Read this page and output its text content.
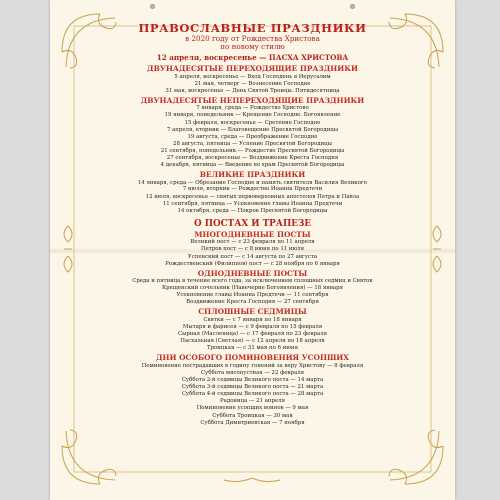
ПРАВОСЛАВНЫЕ ПРАЗДНИКИ
в 2020 году от Рождества Христова
по новому стилю
12 апреля, воскресенье — ПАСХА ХРИСТОВА
ДВУНАДЕСЯТЫЕ ПЕРЕХОДЯЩИЕ ПРАЗДНИКИ
5 апреля, воскресенье — Вход Господень в Иерусалим
21 мая, четверг — Вознесение Господне
31 мая, воскресенье — День Святой Троицы. Пятидесятница
ДВУНАДЕСЯТЫЕ НЕПЕРЕХОДЯЩИЕ ПРАЗДНИКИ
7 января, среда — Рождество Христово
19 января, понедельник — Крещение Господне. Богоявление
15 февраля, воскресенье — Сретение Господне
7 апреля, вторник — Благовещение Пресвятой Богородицы
19 августа, среда — Преображение Господне
28 августа, пятница — Успение Пресвятой Богородицы
21 сентября, понедельник — Рождество Пресвятой Богородицы
27 сентября, воскресенье — Воздвижение Креста Господня
4 декабря, пятница — Введение во храм Пресвятой Богородицы
ВЕЛИКИЕ ПРАЗДНИКИ
14 января, среда — Обрезание Господне и память святителя Василия Великого
7 июля, вторник — Рождество Иоанна Предтечи
12 июля, воскресенье — святых первоверховных апостолов Петра и Павла
11 сентября, пятница — Усекновение главы Иоанна Предтечи
14 октября, среда — Покров Пресвятой Богородицы
О ПОСТАХ И ТРАПЕЗЕ
МНОГОДНЕВНЫЕ ПОСТЫ
Великий пост — с 23 февраля по 11 апреля
Петров пост — с 8 июня по 11 июля
Успенский пост — с 14 августа по 27 августа
Рождественский (Филиппов) пост — с 28 ноября по 6 января
ОДНОДНЕВНЫЕ ПОСТЫ
Среда и пятница в течение всего года, за исключением сплошных седмиц и Святок
Крещенский сочельник (Навечерие Богоявления) — 18 января
Усекновение главы Иоанна Предтечи — 11 сентября
Воздвижение Креста Господня — 27 сентября
СПЛОШНЫЕ СЕДМИЦЫ
Святки — с 7 января по 18 января
Мытаря и фарисея — с 9 февраля по 15 февраля
Сырная (Масленица) — с 17 февраля по 23 февраля
Пасхальная (Светлая) — с 12 апреля по 18 апреля
Троицкая — с 31 мая по 6 июня
ДНИ ОСОБОГО ПОМИНОВЕНИЯ УСОПШИХ
Поминовение пострадавших в годину гонений за веру Христову — 8 февраля
Суббота мясопустная — 22 февраля
Суббота 2-й седмицы Великого поста — 14 марта
Суббота 3-й седмицы Великого поста — 21 марта
Суббота 4-й седмицы Великого поста — 28 марта
Радоница — 21 апреля
Поминовение усопших воинов — 9 мая
Суббота Троицкая — 30 мая
Суббота Димитриевская — 7 ноября
